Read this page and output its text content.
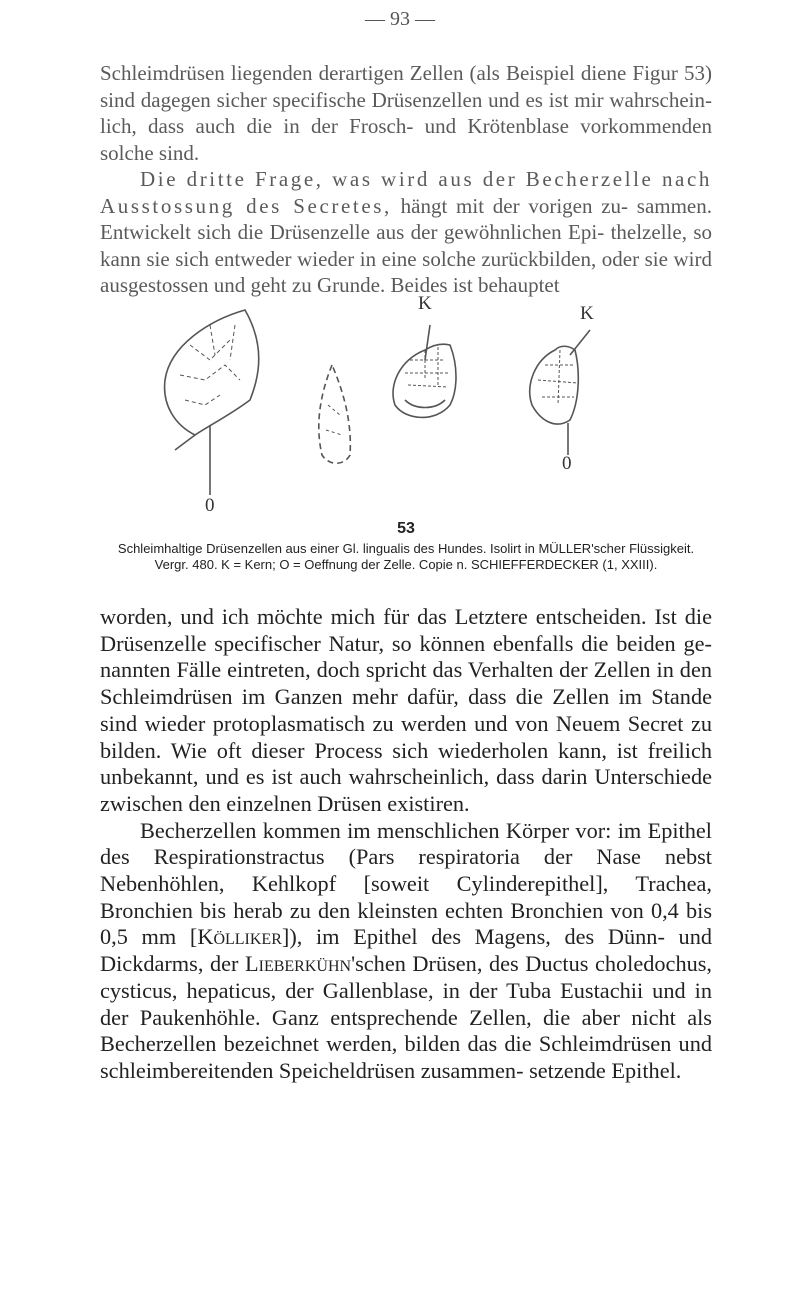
— 93 —

Schleimdrüsen liegenden derartigen Zellen (als Beispiel diene Figur 53) sind dagegen sicher specifische Drüsenzellen und es ist mir wahrschein- lich, dass auch die in der Frosch- und Krötenblase vorkommenden solche sind.

Die dritte Frage, was wird aus der Becherzelle nach Ausstossung des Secretes, hängt mit der vorigen zu- sammen. Entwickelt sich die Drüsenzelle aus der gewöhnlichen Epi- thelzelle, so kann sie sich entweder wieder in eine solche zurückbilden, oder sie wird ausgestossen und geht zu Grunde. Beides ist behauptet

K	K
0
0
53
Schleimhaltige Drüsenzellen aus einer Gl. lingualis des Hundes. Isolirt in MÜLLER'scher Flüssigkeit. Vergr. 480. K = Kern; O = Oeffnung der Zelle. Copie n. SCHIEFFERDECKER (1, XXIII).

worden, und ich möchte mich für das Letztere entscheiden. Ist die Drüsenzelle specifischer Natur, so können ebenfalls die beiden ge- nannten Fälle eintreten, doch spricht das Verhalten der Zellen in den Schleimdrüsen im Ganzen mehr dafür, dass die Zellen im Stande sind wieder protoplasmatisch zu werden und von Neuem Secret zu bilden. Wie oft dieser Process sich wiederholen kann, ist freilich unbekannt, und es ist auch wahrscheinlich, dass darin Unterschiede zwischen den einzelnen Drüsen existiren.

Becherzellen kommen im menschlichen Körper vor: im Epithel des Respirationstractus (Pars respiratoria der Nase nebst Nebenhöhlen, Kehlkopf [soweit Cylinderepithel], Trachea, Bronchien bis herab zu den kleinsten echten Bronchien von 0,4 bis 0,5 mm [Kölliker]), im Epithel des Magens, des Dünn- und Dickdarms, der Lieberkühn'schen Drüsen, des Ductus choledochus, cysticus, hepaticus, der Gallenblase, in der Tuba Eustachii und in der Paukenhöhle. Ganz entsprechende Zellen, die aber nicht als Becherzellen bezeichnet werden, bilden das die Schleimdrüsen und schleimbereitenden Speicheldrüsen zusammen- setzende Epithel.
